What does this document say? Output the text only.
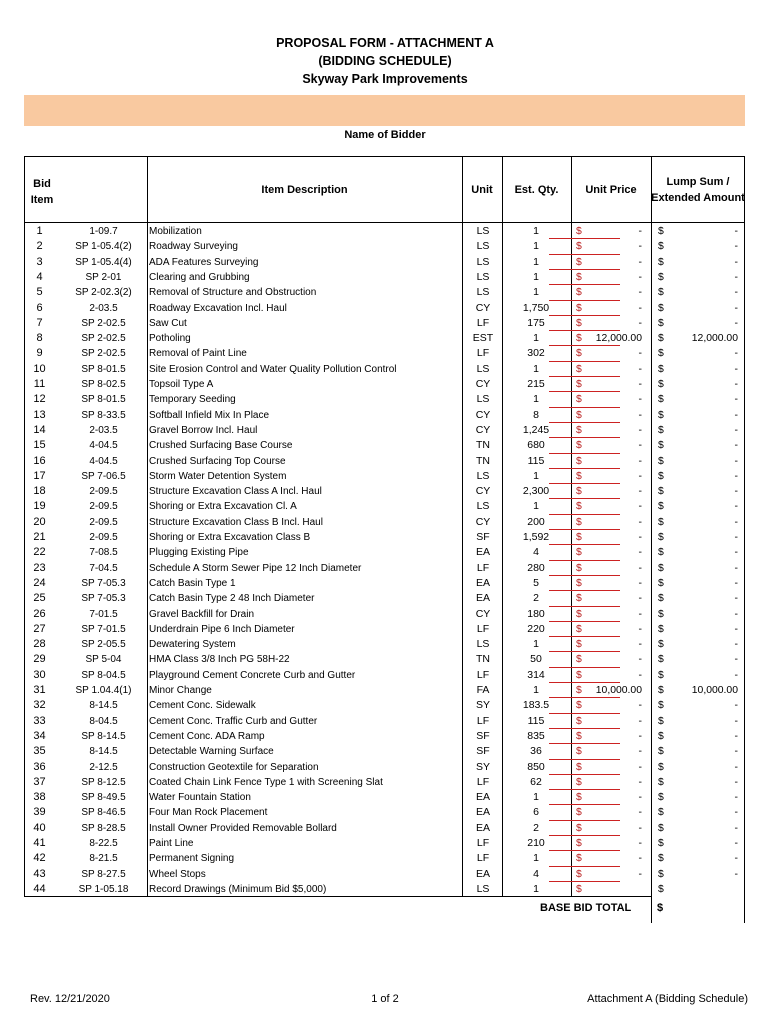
PROPOSAL FORM - ATTACHMENT A
(BIDDING SCHEDULE)
Skyway Park Improvements
Name of Bidder
Bid
Item
Item Description	Unit	Est. Qty.	Unit Price
Lump Sum /
Extended Amount
1	1-09.7	Mobilization	LS	1	$	- $	-
2	SP 1-05.4(2)	Roadway Surveying	LS	1	$	- $	-
3	SP 1-05.4(4)	ADA Features Surveying	LS	1	$	- $	-
4	SP 2-01	Clearing and Grubbing	LS	1	$	- $	-
5	SP 2-02.3(2)	Removal of Structure and Obstruction	LS	1	$	- $	-
6	2-03.5	Roadway Excavation Incl. Haul	CY	1,750	$	- $	-
7	SP 2-02.5	Saw Cut	LF	175	$	- $	-
8	SP 2-02.5	Potholing	EST	1	$	12,000.00 $	12,000.00
9	SP 2-02.5	Removal of Paint Line	LF	302	$	- $	-
10	SP 8-01.5	Site Erosion Control and Water Quality Pollution Control	LS	1	$	- $	-
11	SP 8-02.5	Topsoil Type A	CY	215	$	- $	-
12	SP 8-01.5	Temporary Seeding	LS	1	$	- $	-
13	SP 8-33.5	Softball Infield Mix In Place	CY	8	$	- $	-
14	2-03.5	Gravel Borrow Incl. Haul	CY	1,245	$	- $	-
15	4-04.5	Crushed Surfacing Base Course	TN	680	$	- $	-
16	4-04.5	Crushed Surfacing Top Course	TN	115	$	- $	-
17	SP 7-06.5	Storm Water Detention System	LS	1	$	- $	-
18	2-09.5	Structure Excavation Class A Incl. Haul	CY	2,300	$	- $	-
19	2-09.5	Shoring or Extra Excavation Cl. A	LS	1	$	- $	-
20	2-09.5	Structure Excavation Class B Incl. Haul	CY	200	$	- $	-
21	2-09.5	Shoring or Extra Excavation Class B	SF	1,592	$	- $	-
22	7-08.5	Plugging Existing Pipe	EA	4	$	- $	-
23	7-04.5	Schedule A Storm Sewer Pipe 12 Inch Diameter	LF	280	$	- $	-
24	SP 7-05.3	Catch Basin Type 1	EA	5	$	- $	-
25	SP 7-05.3	Catch Basin Type 2 48 Inch Diameter	EA	2	$	- $	-
26	7-01.5	Gravel Backfill for Drain	CY	180	$	- $	-
27	SP 7-01.5	Underdrain Pipe 6 Inch Diameter	LF	220	$	- $	-
28	SP 2-05.5	Dewatering System	LS	1	$	- $	-
29	SP 5-04	HMA Class 3/8 Inch PG 58H-22	TN	50	$	- $	-
30	SP 8-04.5	Playground Cement Concrete Curb and Gutter	LF	314	$	- $	-
31	SP 1.04.4(1)	Minor Change	FA	1	$	10,000.00 $	10,000.00
32	8-14.5	Cement Conc. Sidewalk	SY	183.5	$	- $	-
33	8-04.5	Cement Conc. Traffic Curb and Gutter	LF	115	$	- $	-
34	SP 8-14.5	Cement Conc. ADA Ramp	SF	835	$	- $	-
35	8-14.5	Detectable Warning Surface	SF	36	$	- $	-
36	2-12.5	Construction Geotextile for Separation	SY	850	$	- $	-
37	SP 8-12.5	Coated Chain Link Fence Type 1 with Screening Slat	LF	62	$	- $	-
38	SP 8-49.5	Water Fountain Station	EA	1	$	- $	-
39	SP 8-46.5	Four Man Rock Placement	EA	6	$	- $	-
40	SP 8-28.5	Install Owner Provided Removable Bollard	EA	2	$	- $	-
41	8-22.5	Paint Line	LF	210	$	- $	-
42	8-21.5	Permanent Signing	LF	1	$	- $	-
43	SP 8-27.5	Wheel Stops	EA	4	$	- $	-
44	SP 1-05.18	Record Drawings (Minimum Bid $5,000)	LS	1	$	$
BASE BID TOTAL $
Rev. 12/21/2020	1 of 2	Attachment A (Bidding Schedule)
